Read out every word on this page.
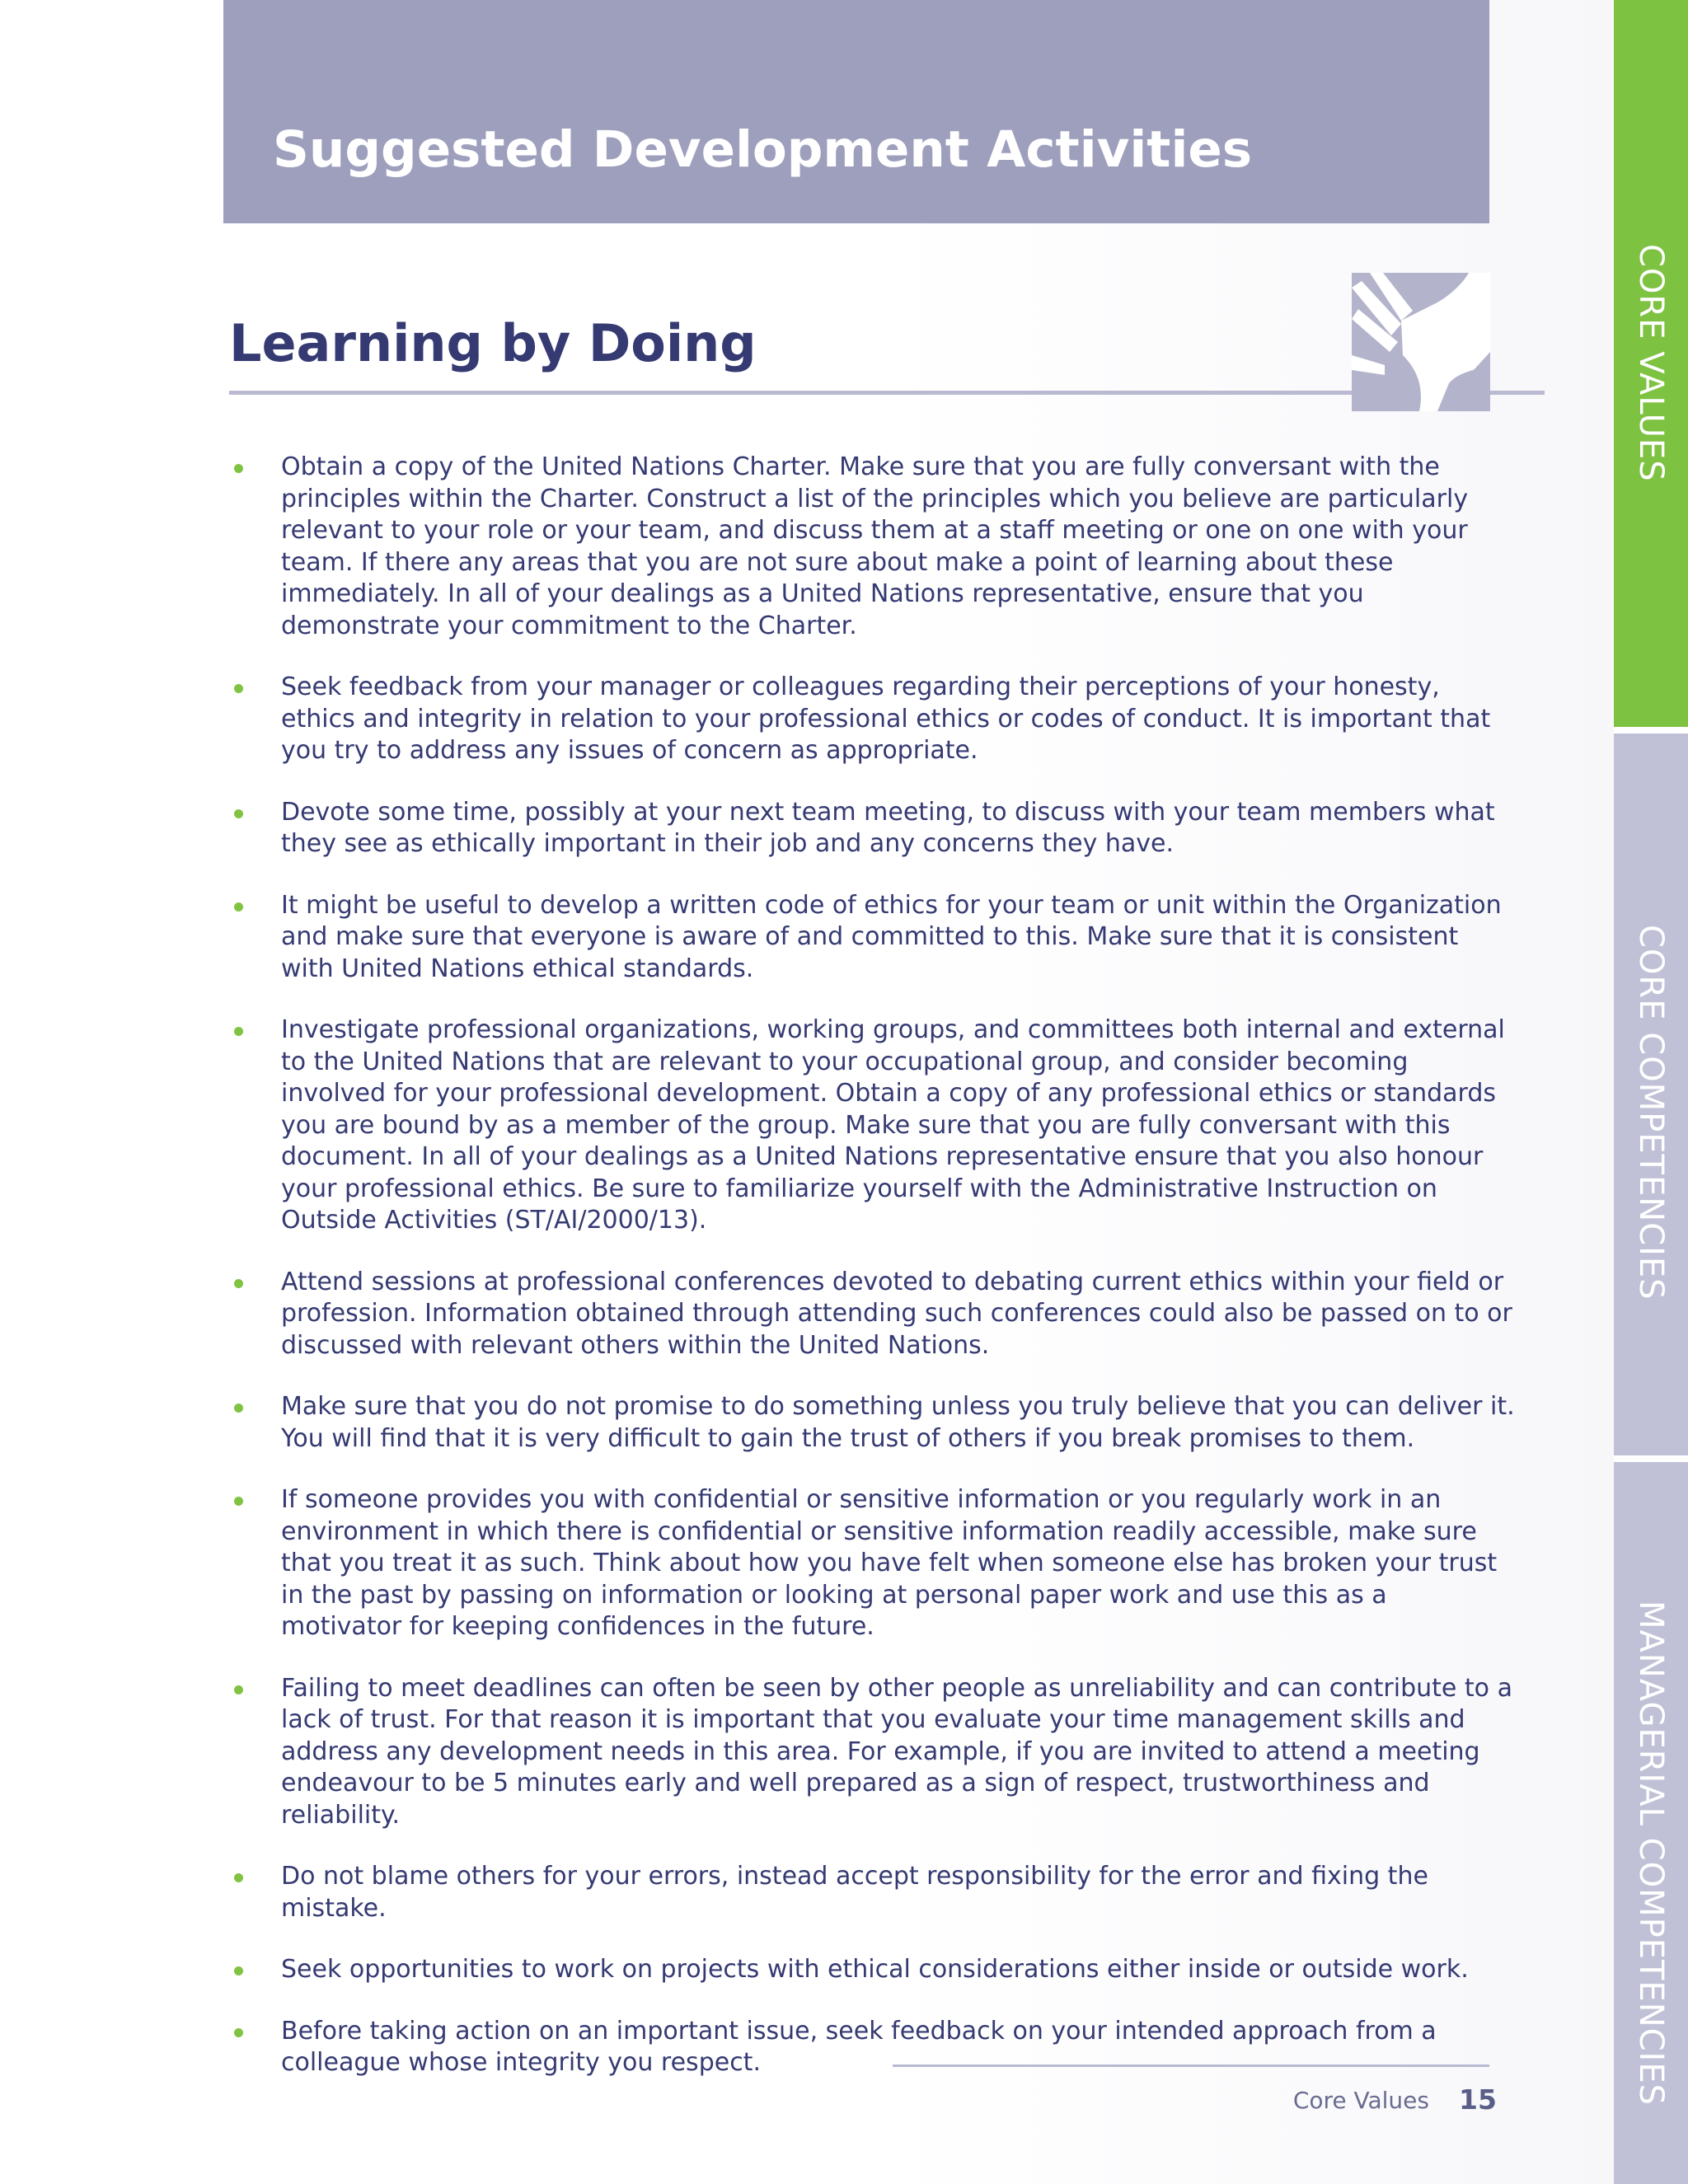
Suggested Development Activities
Learning by Doing
Obtain a copy of the United Nations Charter. Make sure that you are fully conversant with the principles within the Charter. Construct a list of the principles which you believe are particularly relevant to your role or your team, and discuss them at a staff meeting or one on one with your team. If there any areas that you are not sure about make a point of learning about these immediately. In all of your dealings as a United Nations representative, ensure that you demonstrate your commitment to the Charter.
Seek feedback from your manager or colleagues regarding their perceptions of your honesty, ethics and integrity in relation to your professional ethics or codes of conduct. It is important that you try to address any issues of concern as appropriate.
Devote some time, possibly at your next team meeting, to discuss with your team members what they see as ethically important in their job and any concerns they have.
It might be useful to develop a written code of ethics for your team or unit within the Organization and make sure that everyone is aware of and committed to this. Make sure that it is consistent with United Nations ethical standards.
Investigate professional organizations, working groups, and committees both internal and external to the United Nations that are relevant to your occupational group, and consider becoming involved for your professional development. Obtain a copy of any professional ethics or standards you are bound by as a member of the group. Make sure that you are fully conversant with this document. In all of your dealings as a United Nations representative ensure that you also honour your professional ethics. Be sure to familiarize yourself with the Administrative Instruction on Outside Activities (ST/AI/2000/13).
Attend sessions at professional conferences devoted to debating current ethics within your field or profession. Information obtained through attending such conferences could also be passed on to or discussed with relevant others within the United Nations.
Make sure that you do not promise to do something unless you truly believe that you can deliver it. You will find that it is very difficult to gain the trust of others if you break promises to them.
If someone provides you with confidential or sensitive information or you regularly work in an environment in which there is confidential or sensitive information readily accessible, make sure that you treat it as such. Think about how you have felt when someone else has broken your trust in the past by passing on information or looking at personal paper work and use this as a motivator for keeping confidences in the future.
Failing to meet deadlines can often be seen by other people as unreliability and can contribute to a lack of trust. For that reason it is important that you evaluate your time management skills and address any development needs in this area. For example, if you are invited to attend a meeting endeavour to be 5 minutes early and well prepared as a sign of respect, trustworthiness and reliability.
Do not blame others for your errors, instead accept responsibility for the error and fixing the mistake.
Seek opportunities to work on projects with ethical considerations either inside or outside work.
Before taking action on an important issue, seek feedback on your intended approach from a colleague whose integrity you respect.
Core Values 15
CORE VALUES
CORE COMPETENCIES
MANAGERIAL COMPETENCIES
